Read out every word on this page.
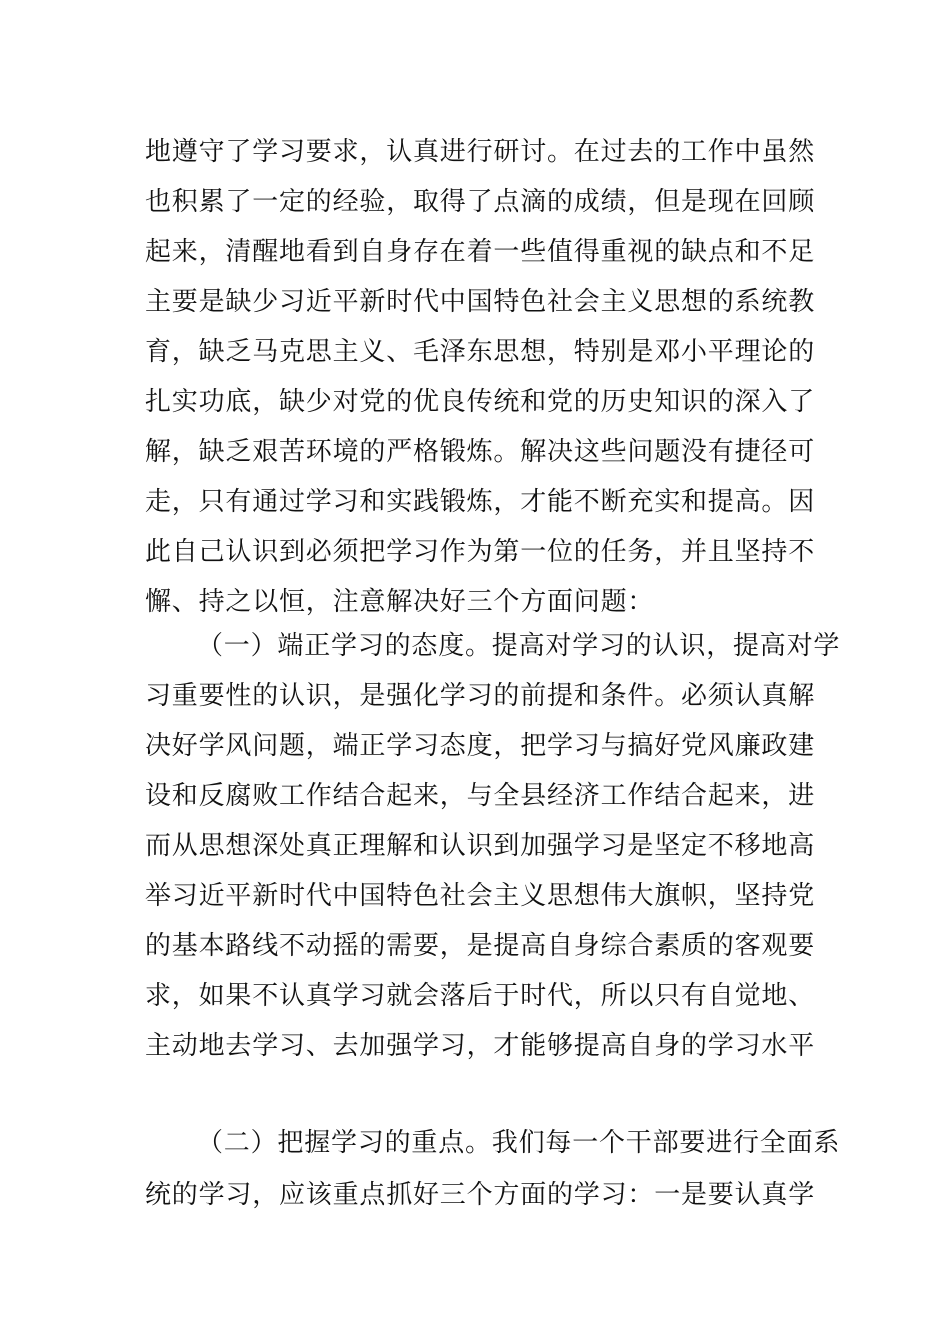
地遵守了学习要求，认真进行研讨。在过去的工作中虽然
也积累了一定的经验，取得了点滴的成绩，但是现在回顾
起来，清醒地看到自身存在着一些值得重视的缺点和不足
主要是缺少习近平新时代中国特色社会主义思想的系统教
育，缺乏马克思主义、毛泽东思想，特别是邓小平理论的
扎实功底，缺少对党的优良传统和党的历史知识的深入了
解，缺乏艰苦环境的严格锻炼。解决这些问题没有捷径可
走，只有通过学习和实践锻炼，才能不断充实和提高。因
此自己认识到必须把学习作为第一位的任务，并且坚持不
懈、持之以恒，注意解决好三个方面问题：
（一）端正学习的态度。提高对学习的认识，提高对学
习重要性的认识，是强化学习的前提和条件。必须认真解
决好学风问题，端正学习态度，把学习与搞好党风廉政建
设和反腐败工作结合起来，与全县经济工作结合起来，进
而从思想深处真正理解和认识到加强学习是坚定不移地高
举习近平新时代中国特色社会主义思想伟大旗帜，坚持党
的基本路线不动摇的需要，是提高自身综合素质的客观要
求，如果不认真学习就会落后于时代，所以只有自觉地、
主动地去学习、去加强学习，才能够提高自身的学习水平
（二）把握学习的重点。我们每一个干部要进行全面系
统的学习，应该重点抓好三个方面的学习：一是要认真学
